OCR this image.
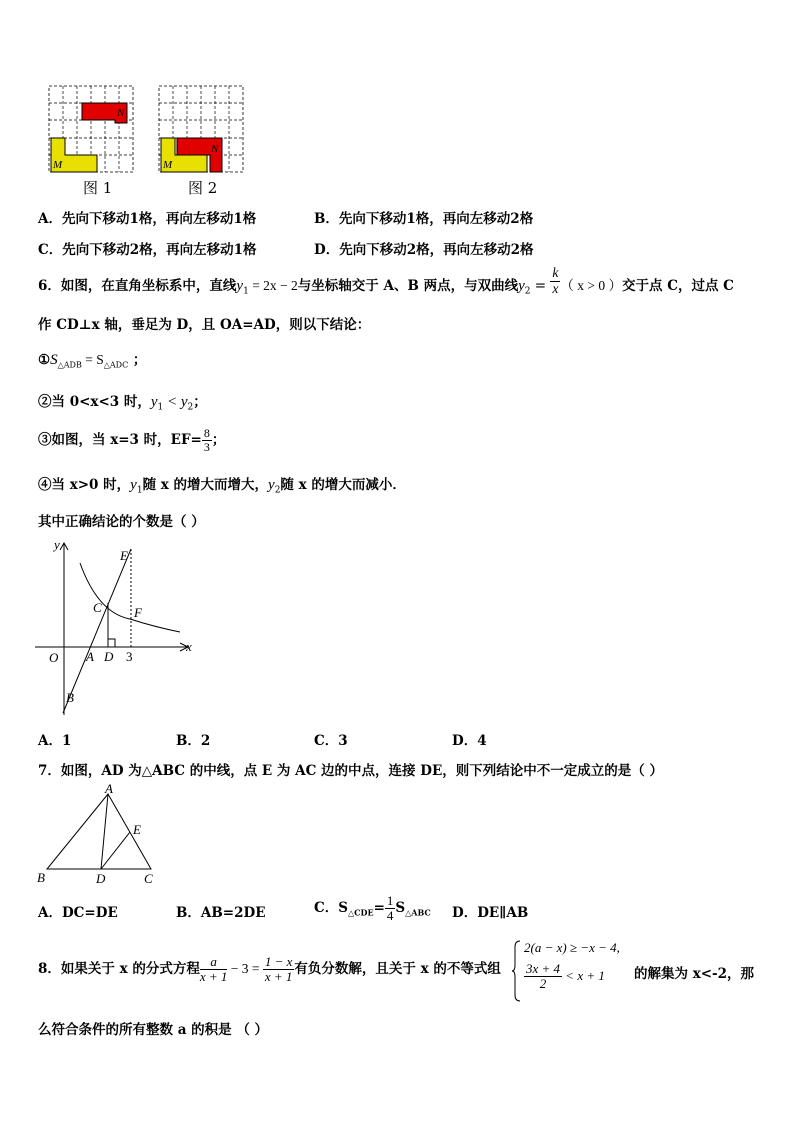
N
M
N
M
图 1	图 2
A．先向下移动1格，再向左移动1格	B．先向下移动1格，再向左移动2格
C．先向下移动2格，再向左移动1格	D．先向下移动2格，再向左移动2格
6．如图，在直角坐标系中，直线$y_1 = 2x - 2$与坐标轴交于 A、B 两点，与双曲线$y_2 = \frac{k}{x}$ （ x > 0 ）交于点 C，过点 C
作 CD⊥x 轴，垂足为 D，且 OA=AD，则以下结论：
$①S_{\triangle ADB} = S_{\triangle ADC}$ ；
②当 0<x<3 时，$y_1 < y_2$；
③如图，当 x=3 时，$EF= \frac{8}{3}$ ；
④当 x>0 时，$y_1$随 x 的增大而增大，$y_2$随 x 的增大而减小．
其中正确结论的个数是（ ）
y
x
O A D 3
B
C
E
F
A．1	B．2	C．3	D．4
7．如图，AD 为△ABC 的中线，点 E 为 AC 边的中点，连接 DE，则下列结论中不一定成立的是（ ）
A
B	D	C
E
A．DC=DE	B．AB=2DE	C．$S_{\triangle CDE}= \frac{1}{4} S_{\triangle ABC}$ D．DE∥AB
8．如果关于 x 的分式方程 $\frac{a}{x + 1} - 3 = \frac{1 - x}{x + 1}$ 有负分数解，且关于 x 的不等式组
2(a − x) ≥ −x − 4,
$\frac{3x + 4}{2} < x + 1$ 的解集为 x<-2，那
么符合条件的所有整数 a 的积是 （ ）
